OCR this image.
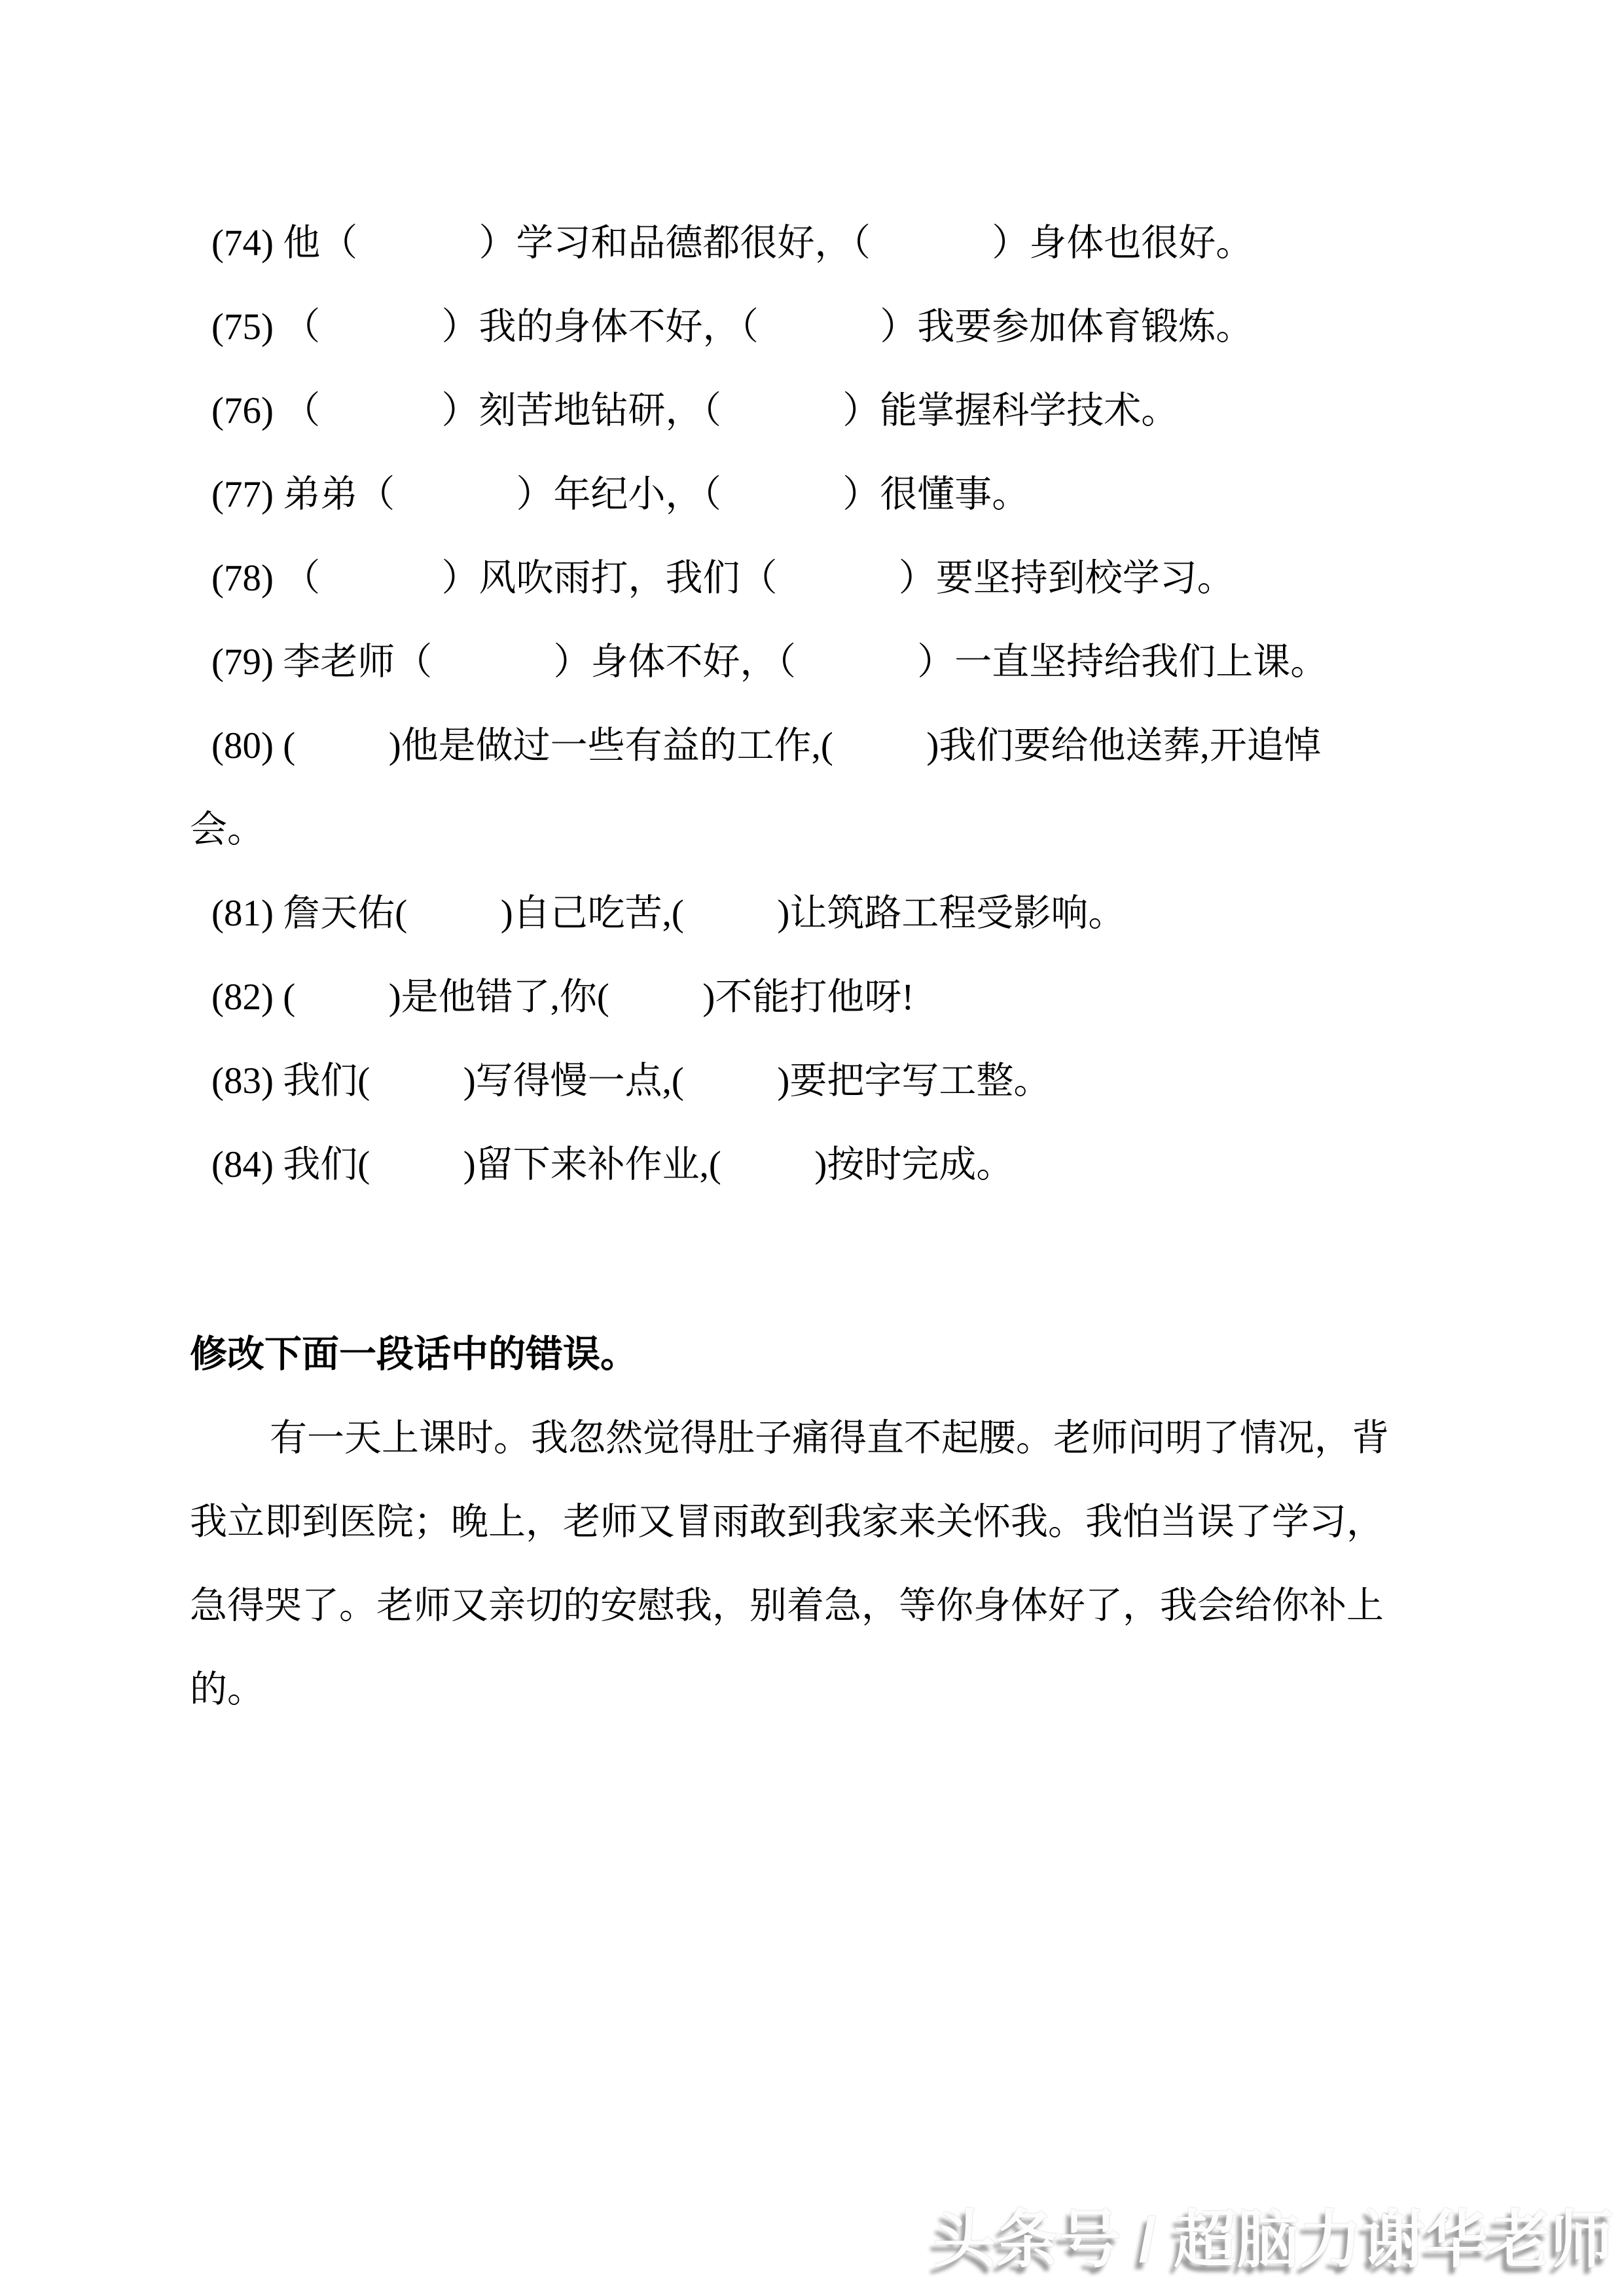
(74) 他（             ）学习和品德都很好，（             ）身体也很好。
(75) （             ）我的身体不好，（             ）我要参加体育锻炼。
(76) （             ）刻苦地钻研，（             ）能掌握科学技术。
(77) 弟弟（             ）年纪小，（             ）很懂事。
(78) （             ）风吹雨打，我们（             ）要坚持到校学习。
(79) 李老师（             ）身体不好，（             ）一直坚持给我们上课。
(80) (          )他是做过一些有益的工作,(          )我们要给他送葬,开追悼
会。
(81) 詹天佑(          )自己吃苦,(          )让筑路工程受影响。
(82) (          )是他错了,你(          )不能打他呀!
(83) 我们(          )写得慢一点,(          )要把字写工整。
(84) 我们(          )留下来补作业,(          )按时完成。
修改下面一段话中的错误。
有一天上课时。我忽然觉得肚子痛得直不起腰。老师问明了情况，背
我立即到医院；晚上，老师又冒雨敢到我家来关怀我。我怕当误了学习，
急得哭了。老师又亲切的安慰我，别着急，等你身体好了，我会给你补上
的。
头条号 / 超脑力谢华老师
